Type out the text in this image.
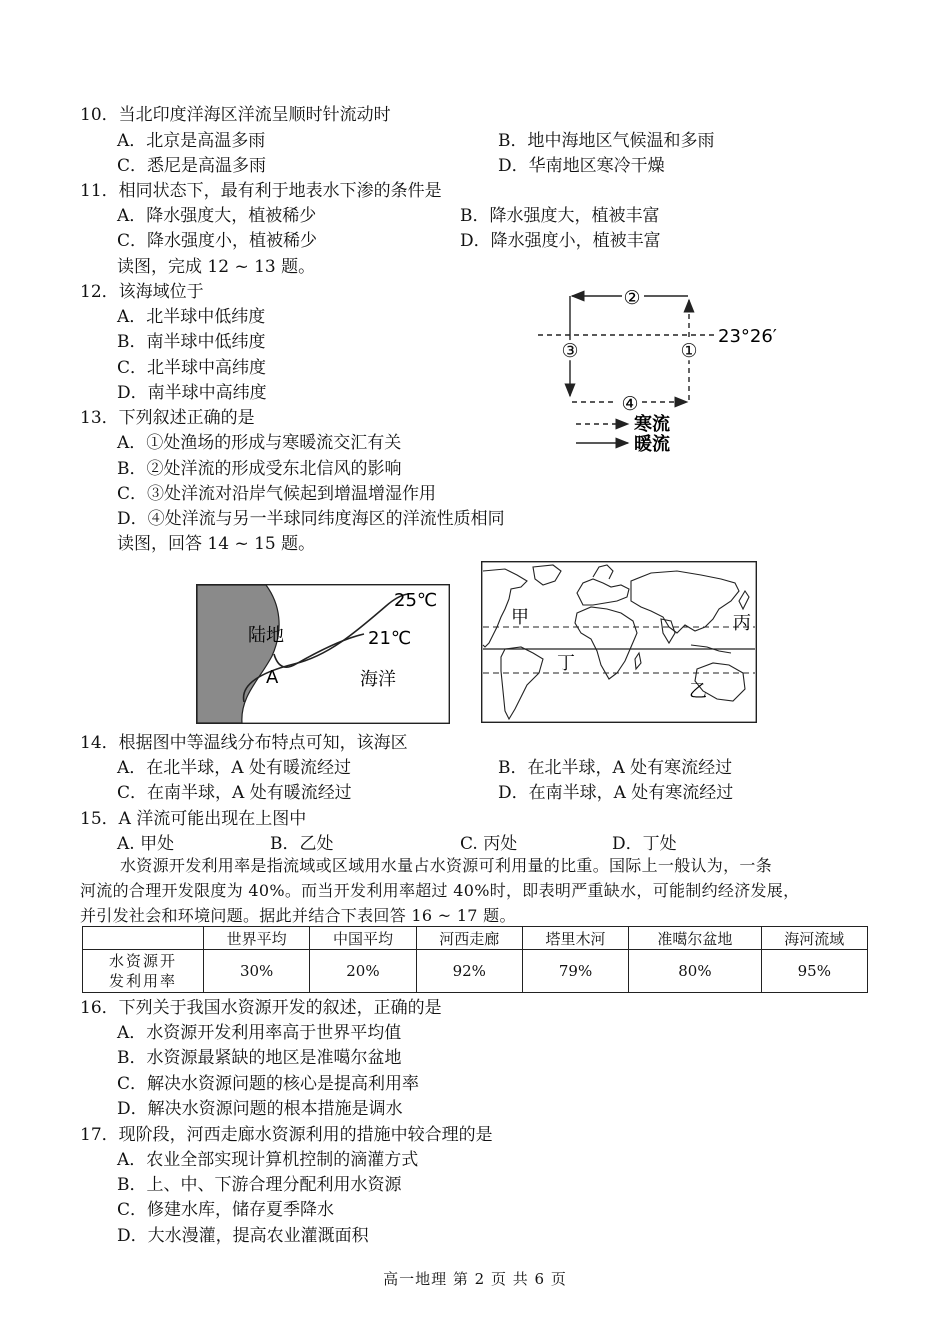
10．当北印度洋海区洋流呈顺时针流动时
A．北京是高温多雨	B．地中海地区气候温和多雨
C．悉尼是高温多雨	D．华南地区寒冷干燥
11．相同状态下，最有利于地表水下渗的条件是
A．降水强度大，植被稀少	B．降水强度大，植被丰富
C．降水强度小，植被稀少	D．降水强度小，植被丰富
读图，完成 12 ~ 13 题。
12．该海域位于
A．北半球中低纬度
B．南半球中低纬度
C．北半球中高纬度
D．南半球中高纬度
13．下列叙述正确的是
A．①处渔场的形成与寒暖流交汇有关
B．②处洋流的形成受东北信风的影响
C．③处洋流对沿岸气候起到增温增湿作用
D．④处洋流与另一半球同纬度海区的洋流性质相同
读图，回答 14 ~ 15 题。
②
③	①
④
23°26′
寒流
暖流
陆地
25℃
21℃
A	海洋
甲	丙
丁
乙
14．根据图中等温线分布特点可知，该海区
A．在北半球，A 处有暖流经过	B．在北半球，A 处有寒流经过
C．在南半球，A 处有暖流经过	D．在南半球，A 处有寒流经过
15．A 洋流可能出现在上图中
A. 甲处	B．乙处	C. 丙处	D．丁处

水资源开发利用率是指流域或区域用水量占水资源可利用量的比重。国际上一般认为，一条

河流的合理开发限度为 40%。而当开发利用率超过 40%时，即表明严重缺水，可能制约经济发展，

并引发社会和环境问题。据此并结合下表回答 16 ~ 17 题。

	世界平均	中国平均	河西走廊	塔里木河	准噶尔盆地	海河流域
水资源开
发利用率	30%	20%	92%	79%	80%	95%
16．下列关于我国水资源开发的叙述，正确的是
A．水资源开发利用率高于世界平均值
B．水资源最紧缺的地区是准噶尔盆地
C．解决水资源问题的核心是提高利用率
D．解决水资源问题的根本措施是调水
17．现阶段，河西走廊水资源利用的措施中较合理的是
A．农业全部实现计算机控制的滴灌方式
B．上、中、下游合理分配利用水资源
C．修建水库，储存夏季降水
D．大水漫灌，提高农业灌溉面积
高一地理 第 2 页 共 6 页
